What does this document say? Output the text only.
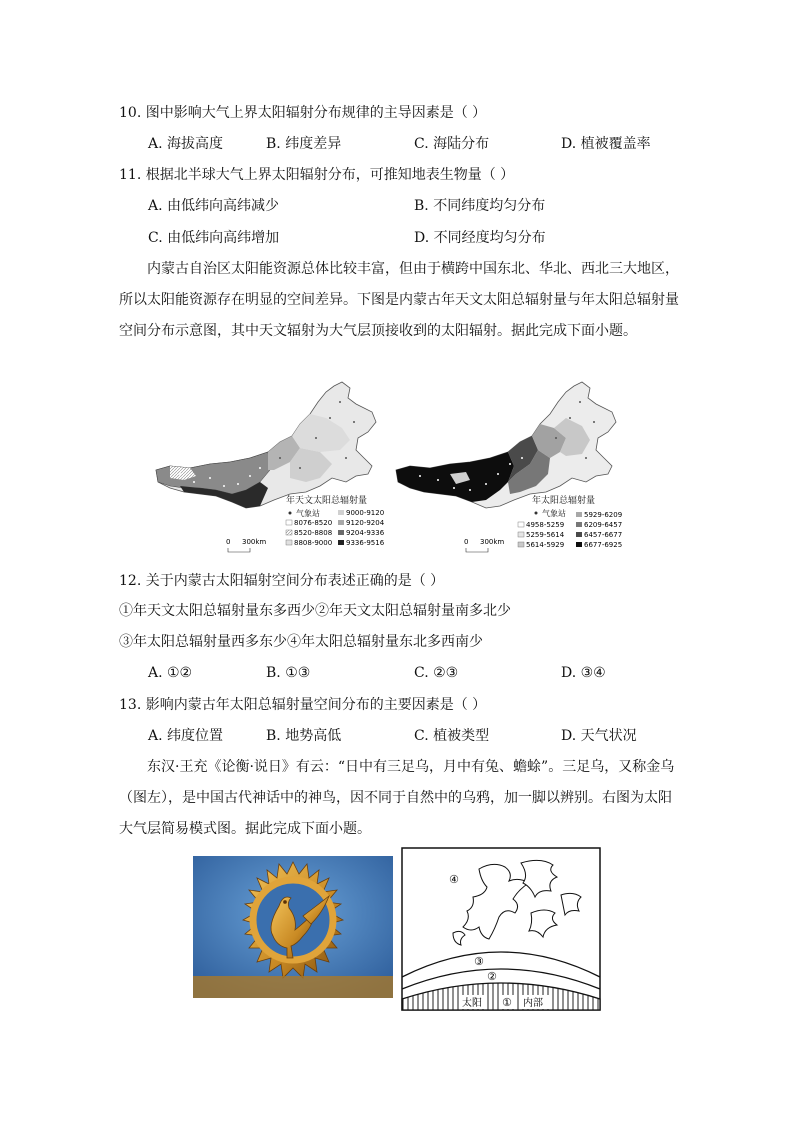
10. 图中影响大气上界太阳辐射分布规律的主导因素是（ ）
A. 海拔高度	B. 纬度差异	C. 海陆分布	D. 植被覆盖率
11. 根据北半球大气上界太阳辐射分布，可推知地表生物量（ ）
A. 由低纬向高纬减少	B. 不同纬度均匀分布
C. 由低纬向高纬增加	D. 不同经度均匀分布
内蒙古自治区太阳能资源总体比较丰富，但由于横跨中国东北、华北、西北三大地区，所以太阳能资源存在明显的空间差异。下图是内蒙古年天文太阳总辐射量与年太阳总辐射量空间分布示意图，其中天文辐射为大气层顶接收到的太阳辐射。据此完成下面小题。
年天文太阳总辐射量
气象站
8076-8520
8520-8808
8808-9000
9000-9120
9120-9204
9204-9336
9336-9516
0 300km
年太阳总辐射量
气象站
4958-5259
5259-5614
5614-5929
5929-6209
6209-6457
6457-6677
6677-6925
0 300km
12. 关于内蒙古太阳辐射空间分布表述正确的是（ ）
①年天文太阳总辐射量东多西少②年天文太阳总辐射量南多北少
③年太阳总辐射量西多东少④年太阳总辐射量东北多西南少
A. ①②	B. ①③	C. ②③	D. ③④
13. 影响内蒙古年太阳总辐射量空间分布的主要因素是（ ）
A. 纬度位置	B. 地势高低	C. 植被类型	D. 天气状况
东汉·王充《论衡·说日》有云：“日中有三足乌，月中有兔、蟾蜍”。三足乌，又称金乌（图左），是中国古代神话中的神鸟，因不同于自然中的乌鸦，加一脚以辨别。右图为太阳大气层简易模式图。据此完成下面小题。
④
③
②
太阳 ① 内部
